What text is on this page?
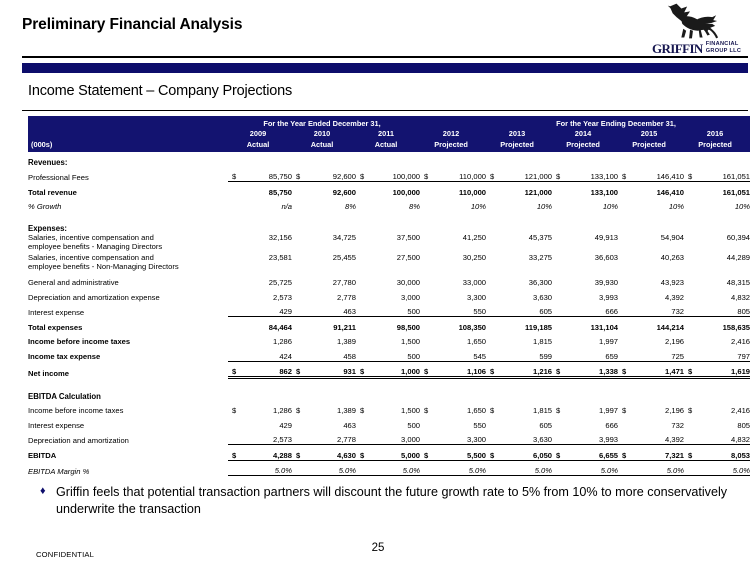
Preliminary Financial Analysis
GRIFFIN FINANCIAL
GROUP LLC
Income Statement – Company Projections
	For the Year Ended December 31,				For the Year Ending December 31,			
	2009	2010	2011	2012	2013	2014	2015	2016
(000s)	Actual	Actual	Actual	Projected	Projected	Projected	Projected	Projected
Revenues:								
Professional Fees	$ 85,750	$ 92,600	$ 100,000	$ 110,000	$ 121,000	$ 133,100	$ 146,410	$ 161,051
Total revenue	85,750	92,600	100,000	110,000	121,000	133,100	146,410	161,051
% Growth	n/a	8%	8%	10%	10%	10%	10%	10%

Expenses:								
Salaries, incentive compensation and
employee benefits - Managing Directors	32,156	34,725	37,500	41,250	45,375	49,913	54,904	60,394
Salaries, incentive compensation and
employee benefits - Non-Managing Directors	23,581	25,455	27,500	30,250	33,275	36,603	40,263	44,289
General and administrative	25,725	27,780	30,000	33,000	36,300	39,930	43,923	48,315
Depreciation and amortization expense	2,573	2,778	3,000	3,300	3,630	3,993	4,392	4,832
Interest expense	429	463	500	550	605	666	732	805
Total expenses	84,464	91,211	98,500	108,350	119,185	131,104	144,214	158,635
Income before income taxes	1,286	1,389	1,500	1,650	1,815	1,997	2,196	2,416
Income tax expense	424	458	500	545	599	659	725	797
Net income	$ 862	$ 931	$ 1,000	$ 1,106	$ 1,216	$ 1,338	$ 1,471	$ 1,619

EBITDA Calculation								
Income before income taxes	$ 1,286	$ 1,389	$ 1,500	$ 1,650	$ 1,815	$ 1,997	$ 2,196	$ 2,416
Interest expense	429	463	500	550	605	666	732	805
Depreciation and amortization	2,573	2,778	3,000	3,300	3,630	3,993	4,392	4,832
EBITDA	$ 4,288	$ 4,630	$ 5,000	$ 5,500	$ 6,050	$ 6,655	$ 7,321	$ 8,053
EBITDA Margin %	5.0%	5.0%	5.0%	5.0%	5.0%	5.0%	5.0%	5.0%
♦ Griffin feels that potential transaction partners will discount the future growth rate to 5% from 10% to more conservatively underwrite the transaction
CONFIDENTIAL
25
